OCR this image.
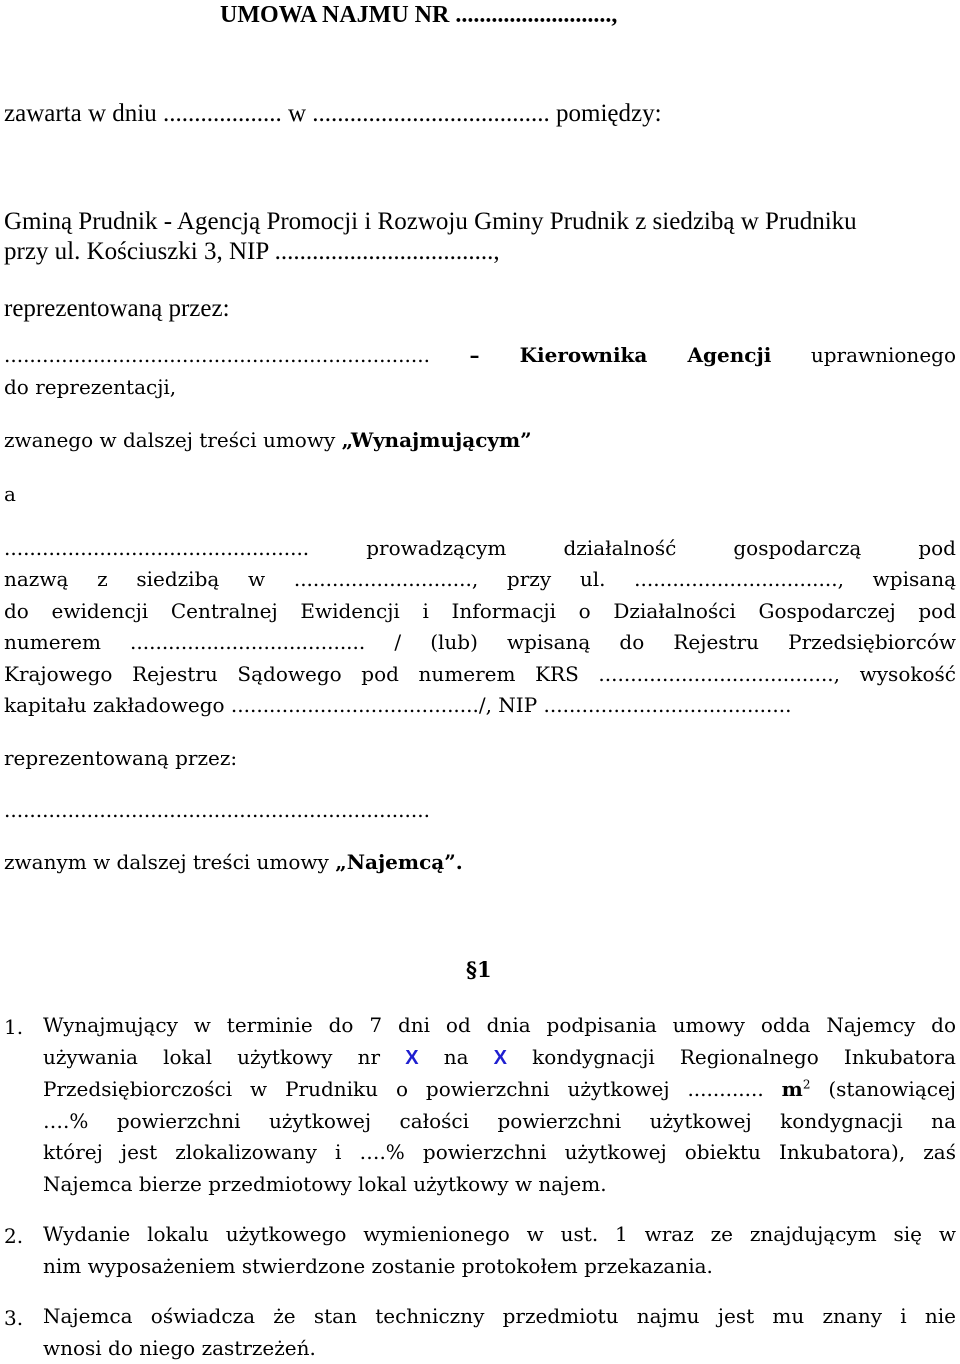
UMOWA NAJMU NR ..........................,
zawarta w dniu ................... w ...................................... pomiędzy:
Gminą Prudnik - Agencją Promocji i Rozwoju Gminy Prudnik z siedzibą w Prudniku
przy ul. Kościuszki 3, NIP ...................................,
reprezentowaną przez:
................................................................... – Kierownika Agencji uprawnionego
do reprezentacji,
zwanego w dalszej treści umowy „Wynajmującym”
a
................................................ prowadzącym działalność gospodarczą pod
nazwą z siedzibą w ............................, przy ul. ................................, wpisaną
do ewidencji Centralnej Ewidencji i Informacji o Działalności Gospodarczej pod
numerem ..................................... / (lub) wpisaną do Rejestru Przedsiębiorców
Krajowego Rejestru Sądowego pod numerem KRS ....................................., wysokość
kapitału zakładowego ......................................./, NIP .......................................
reprezentowaną przez:
...................................................................
zwanym w dalszej treści umowy „Najemcą”.
§1
1. Wynajmujący w terminie do 7 dni od dnia podpisania umowy odda Najemcy do
używania lokal użytkowy nr X na X kondygnacji Regionalnego Inkubatora
Przedsiębiorczości w Prudniku o powierzchni użytkowej ............ $m^2$ (stanowiącej
….% powierzchni użytkowej całości powierzchni użytkowej kondygnacji na
której jest zlokalizowany i ….% powierzchni użytkowej obiektu Inkubatora), zaś
Najemca bierze przedmiotowy lokal użytkowy w najem.
2. Wydanie lokalu użytkowego wymienionego w ust. 1 wraz ze znajdującym się w
nim wyposażeniem stwierdzone zostanie protokołem przekazania.
3. Najemca oświadcza że stan techniczny przedmiotu najmu jest mu znany i nie
wnosi do niego zastrzeżeń.
